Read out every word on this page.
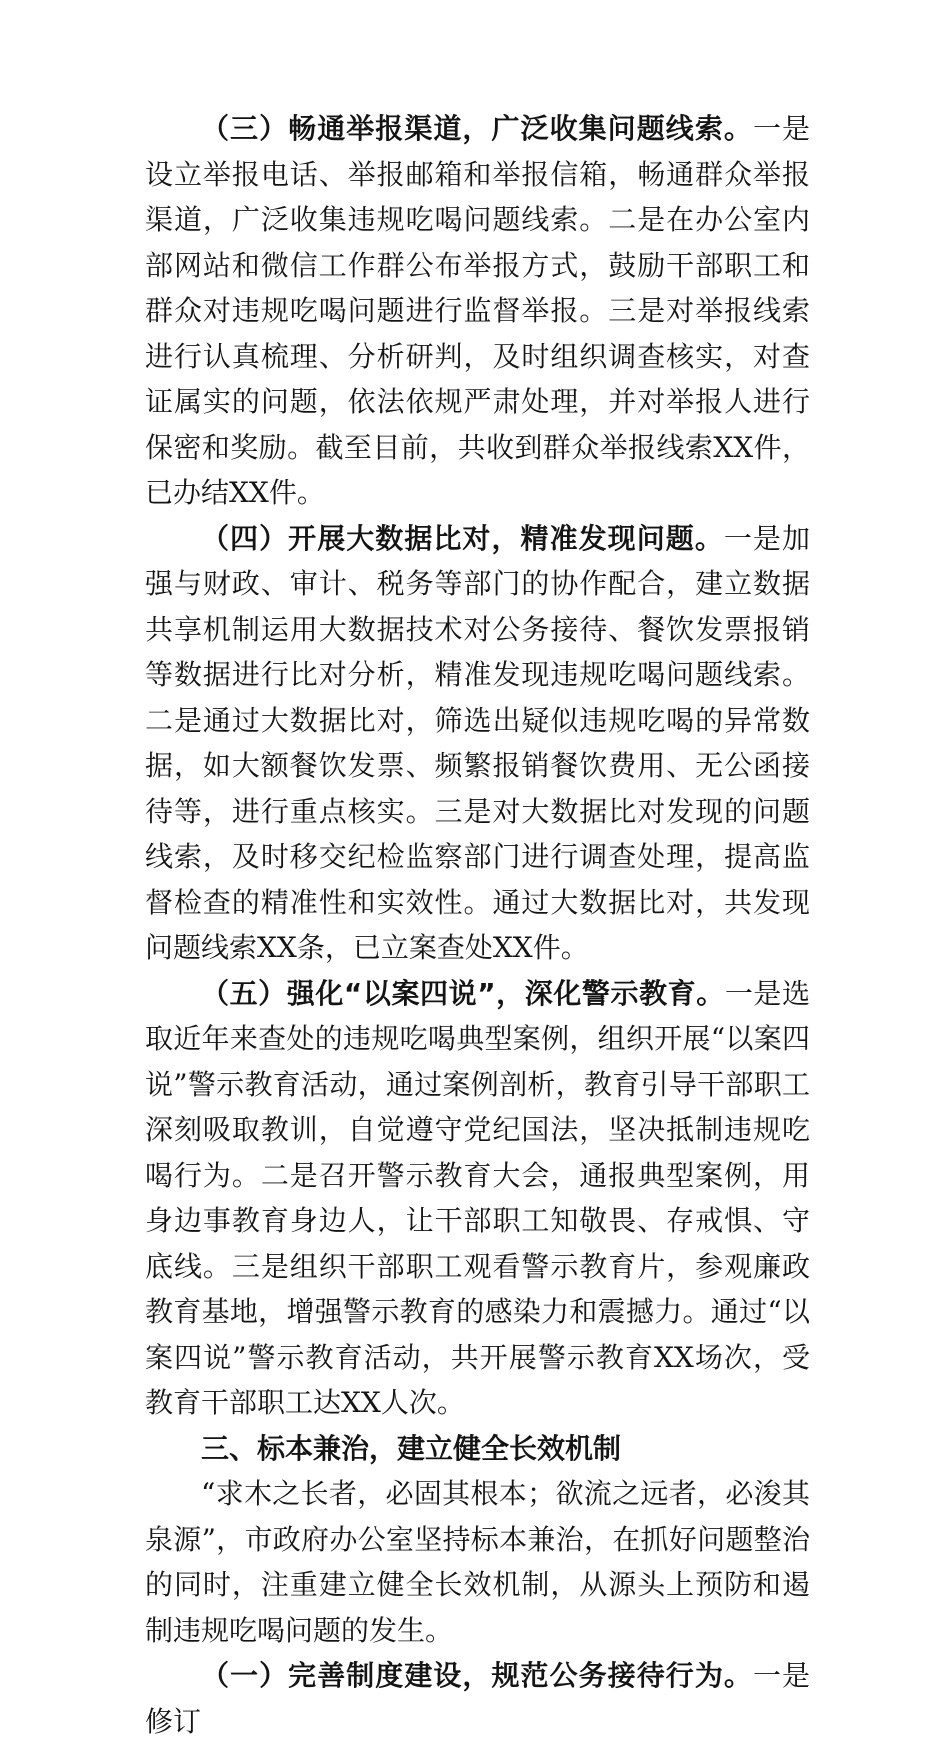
（三）畅通举报渠道，广泛收集问题线索。一是设立举报电话、举报邮箱和举报信箱，畅通群众举报渠道，广泛收集违规吃喝问题线索。二是在办公室内部网站和微信工作群公布举报方式，鼓励干部职工和群众对违规吃喝问题进行监督举报。三是对举报线索进行认真梳理、分析研判，及时组织调查核实，对查证属实的问题，依法依规严肃处理，并对举报人进行保密和奖励。截至目前，共收到群众举报线索XX件，已办结XX件。

（四）开展大数据比对，精准发现问题。一是加强与财政、审计、税务等部门的协作配合，建立数据共享机制运用大数据技术对公务接待、餐饮发票报销等数据进行比对分析，精准发现违规吃喝问题线索。二是通过大数据比对，筛选出疑似违规吃喝的异常数据，如大额餐饮发票、频繁报销餐饮费用、无公函接待等，进行重点核实。三是对大数据比对发现的问题线索，及时移交纪检监察部门进行调查处理，提高监督检查的精准性和实效性。通过大数据比对，共发现问题线索XX条，已立案查处XX件。

（五）强化“以案四说”，深化警示教育。一是选取近年来查处的违规吃喝典型案例，组织开展“以案四说”警示教育活动，通过案例剖析，教育引导干部职工深刻吸取教训，自觉遵守党纪国法，坚决抵制违规吃喝行为。二是召开警示教育大会，通报典型案例，用身边事教育身边人，让干部职工知敬畏、存戒惧、守底线。三是组织干部职工观看警示教育片，参观廉政教育基地，增强警示教育的感染力和震撼力。通过“以案四说”警示教育活动，共开展警示教育XX场次，受教育干部职工达XX人次。

三、标本兼治，建立健全长效机制

“求木之长者，必固其根本；欲流之远者，必浚其泉源”，市政府办公室坚持标本兼治，在抓好问题整治的同时，注重建立健全长效机制，从源头上预防和遏制违规吃喝问题的发生。

（一）完善制度建设，规范公务接待行为。一是修订
